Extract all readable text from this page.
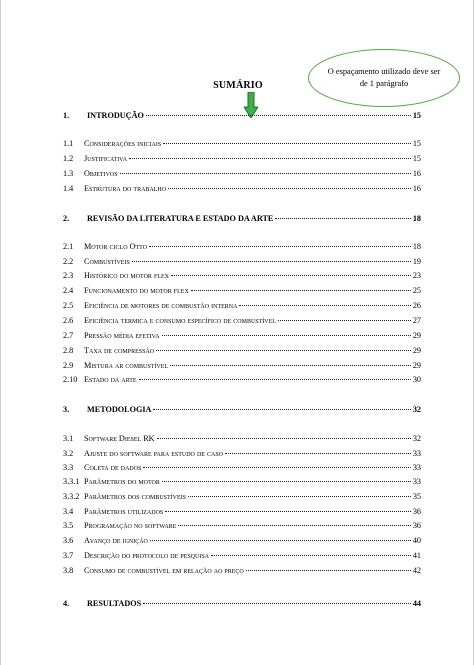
O espaçamento utilizado deve ser de 1 parágrafo
SUMÁRIO
1.	INTRODUÇÃO	15
1.1	Considerações iniciais	15
1.2	Justificativa	15
1.3	Objetivos	16
1.4	Estrutura do trabalho	16
2.	REVISÃO DA LITERATURA E ESTADO DA ARTE	18
2.1	Motor ciclo Otto	18
2.2	Combustíveis	19
2.3	Histórico do motor flex	23
2.4	Funcionamento do motor flex	25
2.5	Eficiência de motores de combustão interna	26
2.6	Eficiência termica e consumo específico de combustível	27
2.7	Pressão média efetiva	29
2.8	Taxa de compressão	29
2.9	Mistura ar combustível	29
2.10 Estado da arte	30
3.	METODOLOGIA	32
3.1	Software Diesel RK	32
3.2	Ajuste do software para estudo de caso	33
3.3	Coleta de dados	33
3.3.1 Parâmetros do motor	33
3.3.2 Parâmetros dos combustíveis	35
3.4	Parâmetros utilizados	36
3.5	Programação no software	36
3.6	Avanço de ignição	40
3.7	Descrição do protocolo de pesquisa	41
3.8	Consumo de combustível em relação ao preço	42
4.	RESULTADOS	44
